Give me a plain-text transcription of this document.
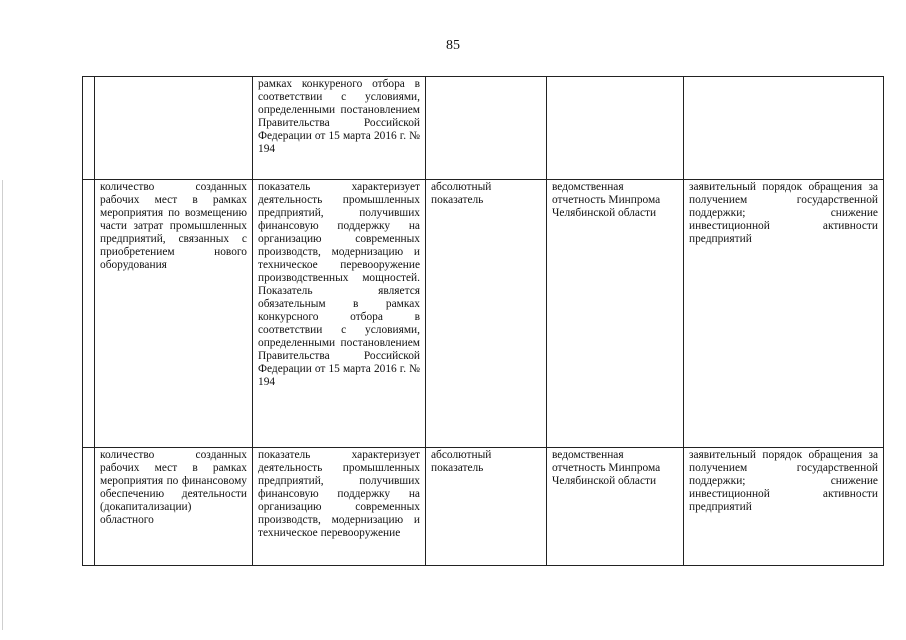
85
			рамках конкуреного отбора в соответствии с условиями, определенными постановлением Правительства Российской Федерации от 15 марта 2016 г. № 194			
		количество созданных рабочих мест в рамках мероприятия по возмещению части затрат промышленных предприятий, связанных с приобретением нового оборудования	показатель характеризует деятельность промышленных предприятий, получивших финансовую поддержку на организацию современных производств, модернизацию и техническое перевооружение производственных мощностей. Показатель является обязательным в рамках конкурсного отбора в соответствии с условиями, определенными постановлением Правительства Российской Федерации от 15 марта 2016 г. № 194	абсолютный показатель	ведомственная отчетность Минпрома Челябинской области	заявительный порядок обращения за получением государственной поддержки; снижение инвестиционной активности предприятий
		количество созданных рабочих мест в рамках мероприятия по финансовому обеспечению деятельности (докапитализации) областного	показатель характеризует деятельность промышленных предприятий, получивших финансовую поддержку на организацию современных производств, модернизацию и техническое перевооружение	абсолютный показатель	ведомственная отчетность Минпрома Челябинской области	заявительный порядок обращения за получением государственной поддержки; снижение инвестиционной активности предприятий
